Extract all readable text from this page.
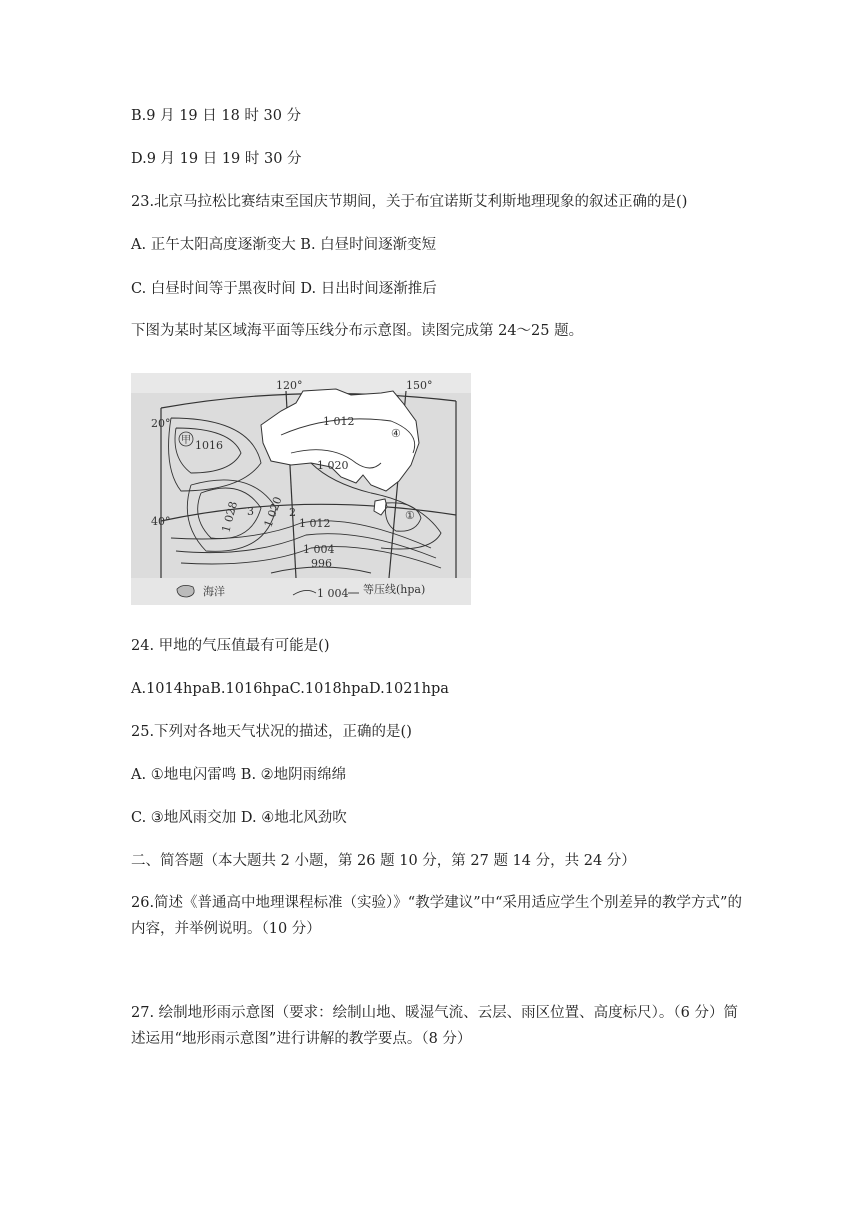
B.9 月 19 日 18 时 30 分
D.9 月 19 日 19 时 30 分
23.北京马拉松比赛结束至国庆节期间，关于布宜诺斯艾利斯地理现象的叙述正确的是()
A. 正午太阳高度逐渐变大 B. 白昼时间逐渐变短
C. 白昼时间等于黑夜时间 D. 日出时间逐渐推后
下图为某时某区域海平面等压线分布示意图。读图完成第 24～25 题。
120°	150°
20°
40°
1 012
1 020
1 012
1 020
1 028
1 004
996
甲 1016
①
2
3
④
海洋	1 004 等压线(hpa)
24. 甲地的气压值最有可能是()
A.1014hpaB.1016hpaC.1018hpaD.1021hpa
25.下列对各地天气状况的描述，正确的是()
A. ①地电闪雷鸣 B. ②地阴雨绵绵
C. ③地风雨交加 D. ④地北风劲吹
二、简答题（本大题共 2 小题，第 26 题 10 分，第 27 题 14 分，共 24 分）
26.简述《普通高中地理课程标准（实验）》“教学建议”中“采用适应学生个别差异的教学方式”的内容，并举例说明。（10 分）
27. 绘制地形雨示意图（要求：绘制山地、暖湿气流、云层、雨区位置、高度标尺）。（6 分）简述运用“地形雨示意图”进行讲解的教学要点。（8 分）
